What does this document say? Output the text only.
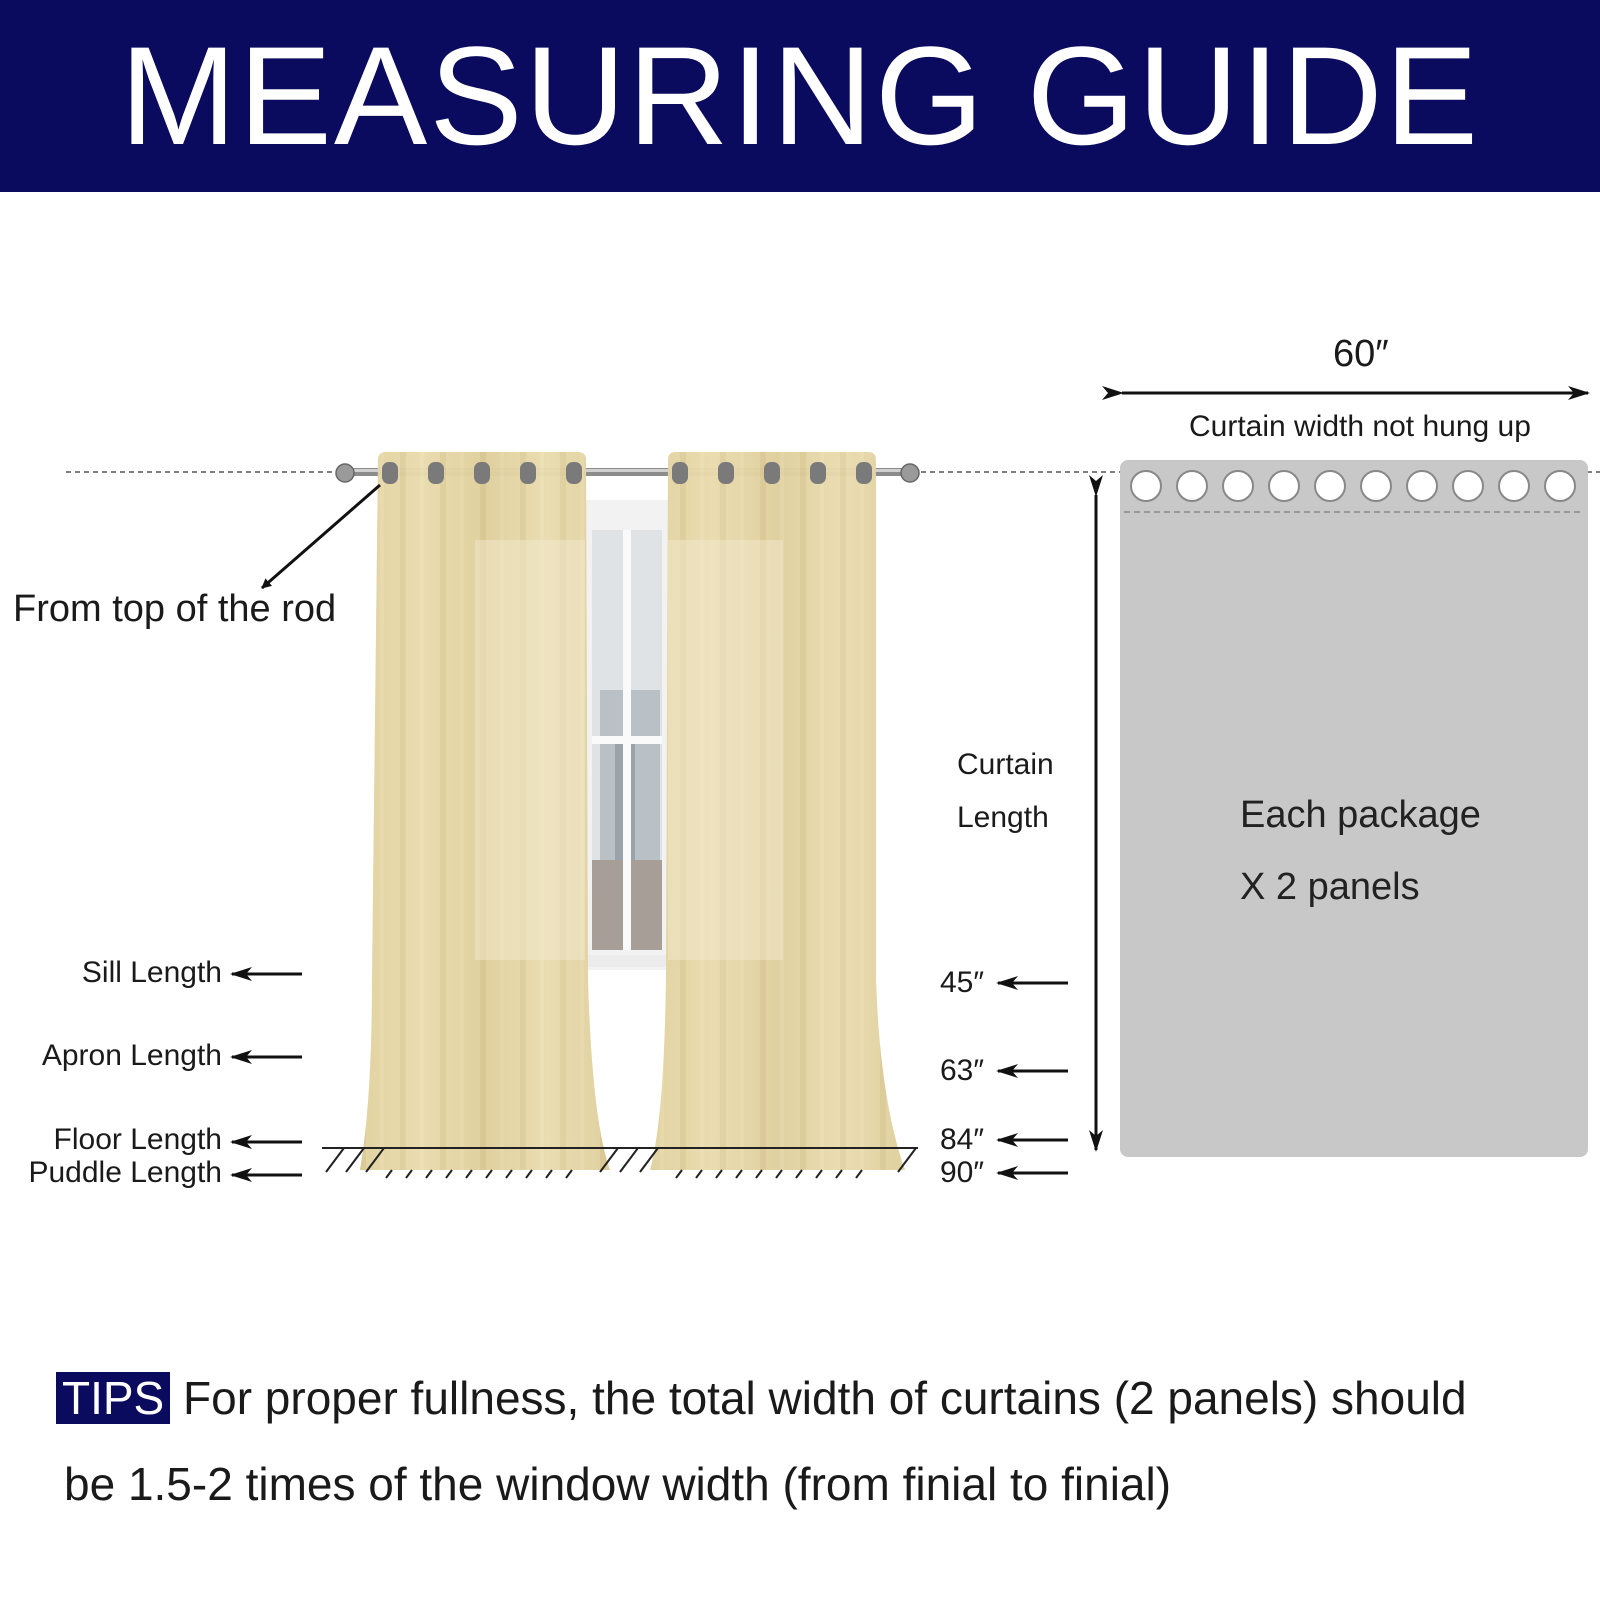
MEASURING GUIDE
From top of the rod
Sill Length
Apron Length
Floor Length
Puddle Length
45″
63″
84″
90″
Curtain
Length
60″
Curtain width not hung up
Each package
X 2 panels
TIPS For proper fullness, the total width of curtains (2 panels) should
be 1.5-2 times of the window width (from finial to finial)
